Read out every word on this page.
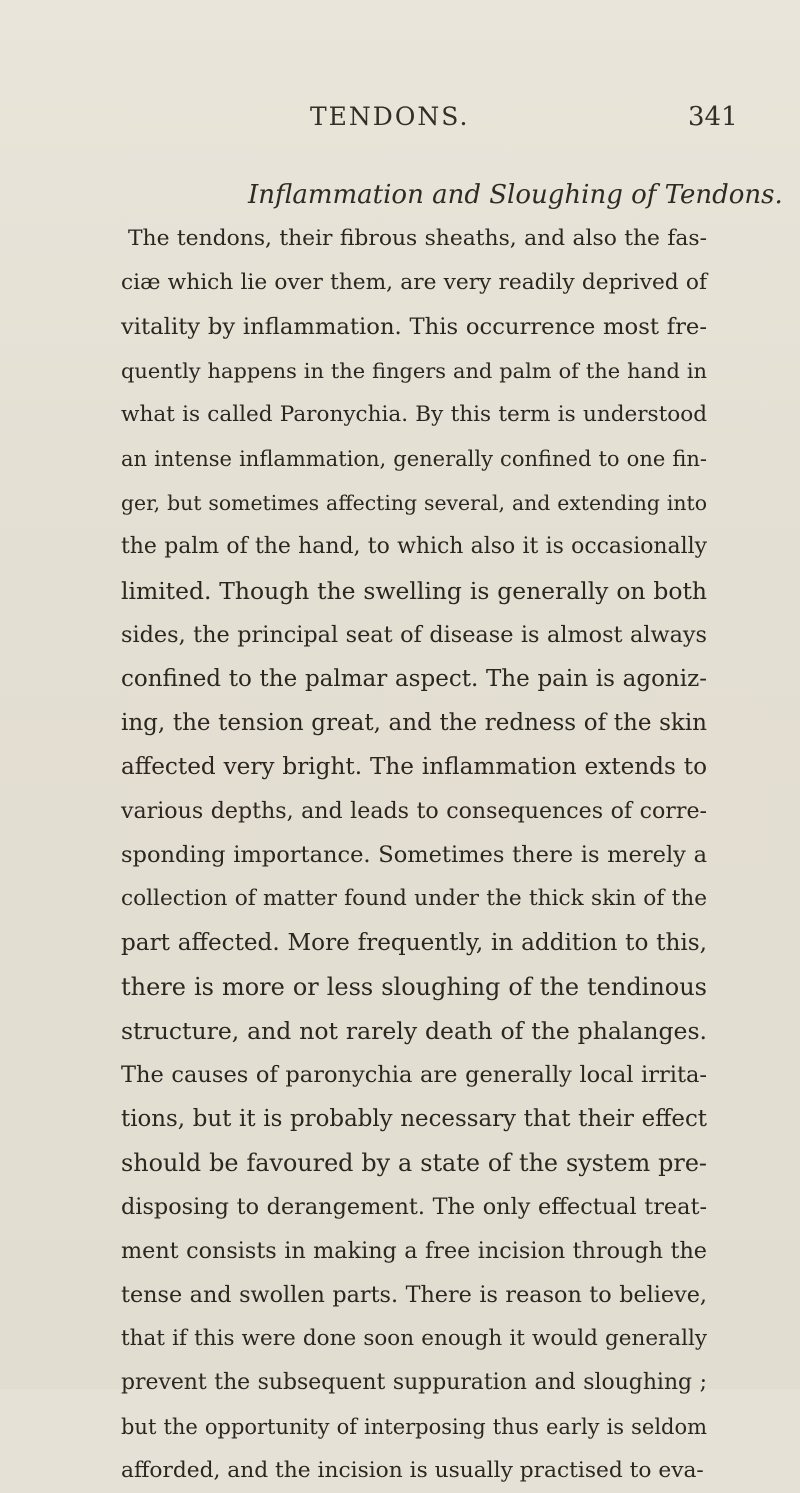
TENDONS.	341
Inflammation and Sloughing of Tendons.
The tendons, their fibrous sheaths, and also the fas-
ciæ which lie over them, are very readily deprived of
vitality by inflammation. This occurrence most fre-
quently happens in the fingers and palm of the hand in
what is called Paronychia. By this term is understood
an intense inflammation, generally confined to one fin-
ger, but sometimes affecting several, and extending into
the palm of the hand, to which also it is occasionally
limited. Though the swelling is generally on both
sides, the principal seat of disease is almost always
confined to the palmar aspect. The pain is agoniz-
ing, the tension great, and the redness of the skin
affected very bright. The inflammation extends to
various depths, and leads to consequences of corre-
sponding importance. Sometimes there is merely a
collection of matter found under the thick skin of the
part affected. More frequently, in addition to this,
there is more or less sloughing of the tendinous
structure, and not rarely death of the phalanges.
The causes of paronychia are generally local irrita-
tions, but it is probably necessary that their effect
should be favoured by a state of the system pre-
disposing to derangement. The only effectual treat-
ment consists in making a free incision through the
tense and swollen parts. There is reason to believe,
that if this were done soon enough it would generally
prevent the subsequent suppuration and sloughing ;
but the opportunity of interposing thus early is seldom
afforded, and the incision is usually practised to eva-
